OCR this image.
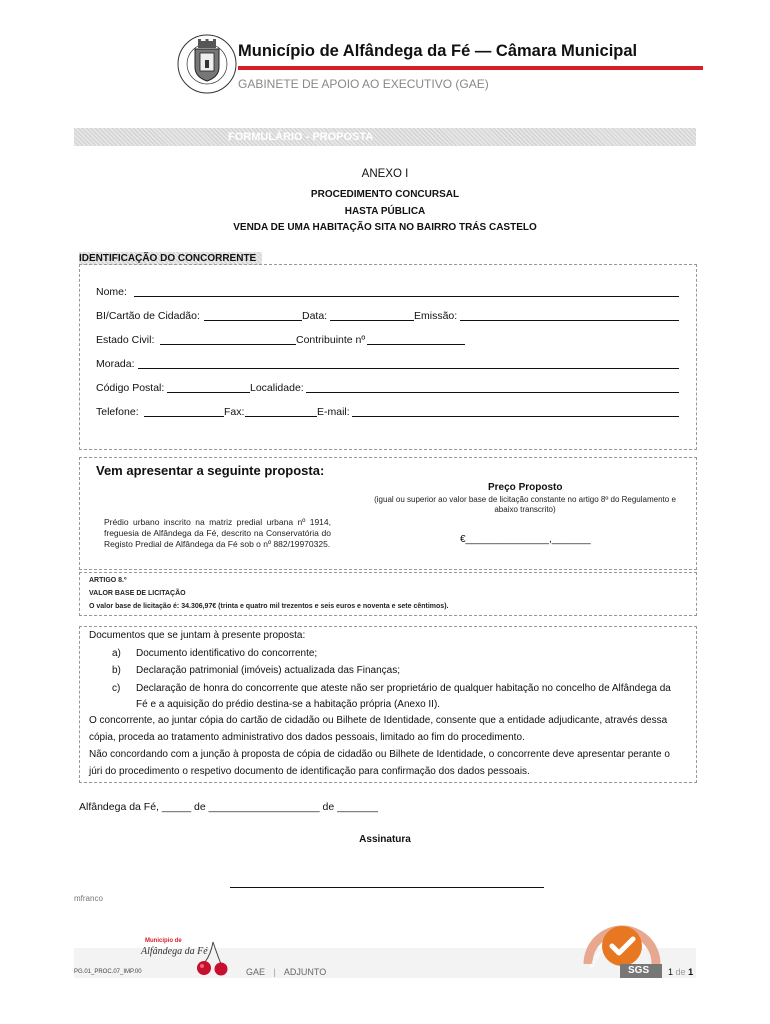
Município de Alfândega da Fé — Câmara Municipal
GABINETE DE APOIO AO EXECUTIVO (GAE)
FORMULÁRIO - PROPOSTA
ANEXO I
PROCEDIMENTO CONCURSAL
HASTA PÚBLICA
VENDA DE UMA HABITAÇÃO SITA NO BAIRRO TRÁS CASTELO
IDENTIFICAÇÃO DO CONCORRENTE
Nome:
BI/Cartão de Cidadão:	Data:	Emissão:
Estado Civil:	Contribuinte nº
Morada:
Código Postal:	Localidade:
Telefone:	Fax:	E-mail:
Vem apresentar a seguinte proposta:
Preço Proposto
(igual ou superior ao valor base de licitação constante no artigo 8º do Regulamento e abaixo transcrito)
Prédio urbano inscrito na matriz predial urbana nº 1914, freguesia de Alfândega da Fé, descrito na Conservatória do Registo Predial de Alfândega da Fé sob o nº 882/19970325.	€_______________,_______
ARTIGO 8.º
VALOR BASE DE LICITAÇÃO
O valor base de licitação é: 34.306,97€ (trinta e quatro mil trezentos e seis euros e noventa e sete cêntimos).
Documentos que se juntam à presente proposta:
a) Documento identificativo do concorrente;
b) Declaração patrimonial (imóveis) actualizada das Finanças;
c) Declaração de honra do concorrente que ateste não ser proprietário de qualquer habitação no concelho de Alfândega da
Fé e a aquisição do prédio destina-se a habitação própria (Anexo II).
O concorrente, ao juntar cópia do cartão de cidadão ou Bilhete de Identidade, consente que a entidade adjudicante, através dessa
cópia, proceda ao tratamento administrativo dos dados pessoais, limitado ao fim do procedimento.
Não concordando com a junção à proposta de cópia de cidadão ou Bilhete de Identidade, o concorrente deve apresentar perante o
júri do procedimento o respetivo documento de identificação para confirmação dos dados pessoais.
Alfândega da Fé, _____ de ___________________ de _______
Assinatura
mfranco
Município de
Alfândega da Fé
PG.01_PROC.07_IMP.00	GAE | ADJUNTO
CERTIFICAÇÃO DO SISTEMA
ISO 9001
SGS 1 de 1
